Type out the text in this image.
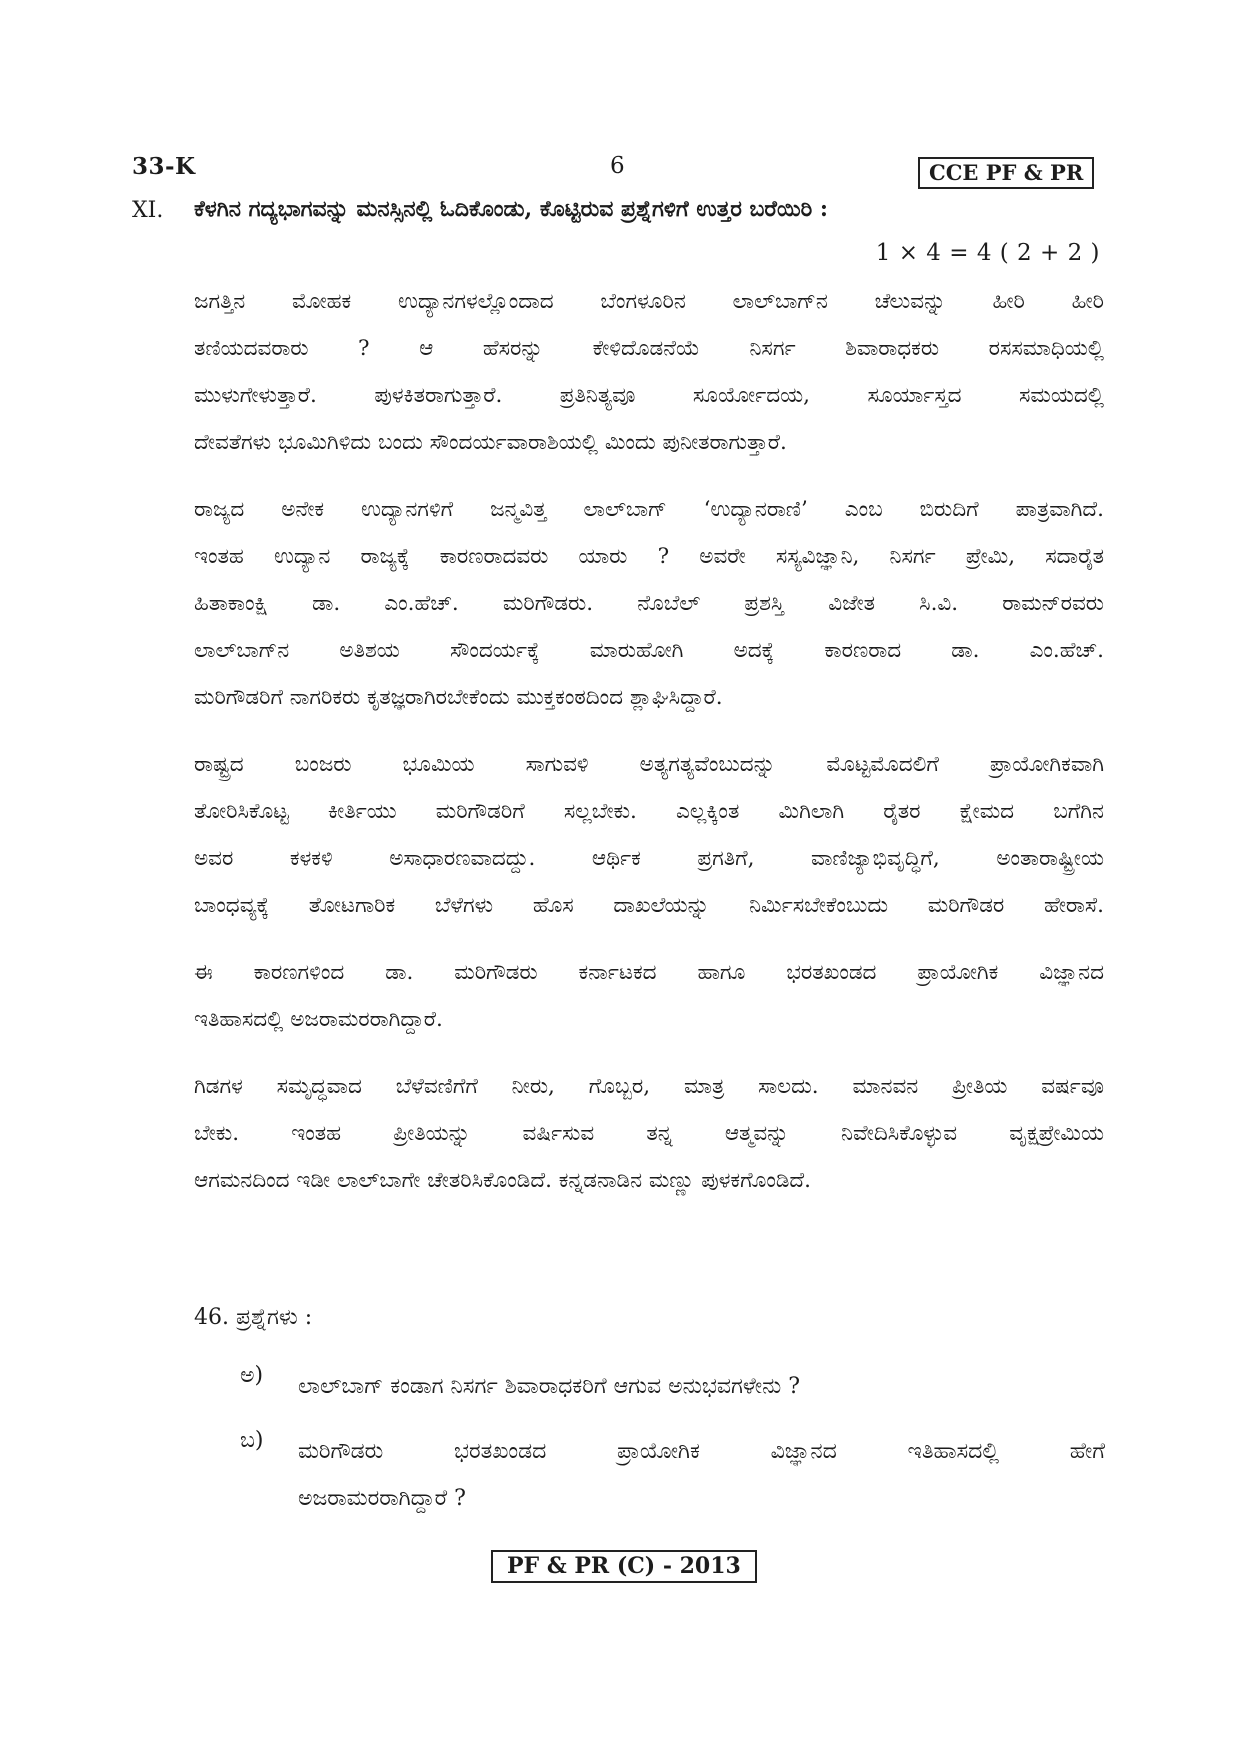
33-K	6	CCE PF & PR
XI. ಕೆಳಗಿನ ಗದ್ಯಭಾಗವನ್ನು ಮನಸ್ಸಿನಲ್ಲಿ ಓದಿಕೊಂಡು, ಕೊಟ್ಟಿರುವ ಪ್ರಶ್ನೆಗಳಿಗೆ ಉತ್ತರ ಬರೆಯಿರಿ :
1 × 4 = 4 ( 2 + 2 )
ಜಗತ್ತಿನ ಮೋಹಕ ಉದ್ಯಾನಗಳಲ್ಲೊಂದಾದ ಬೆಂಗಳೂರಿನ ಲಾಲ್‌ಬಾಗ್‌ನ ಚೆಲುವನ್ನು ಹೀರಿ ಹೀರಿ
ತಣಿಯದವರಾರು ? ಆ ಹೆಸರನ್ನು ಕೇಳಿದೊಡನೆಯೆ ನಿಸರ್ಗ ಶಿವಾರಾಧಕರು ರಸಸಮಾಧಿಯಲ್ಲಿ
ಮುಳುಗೇಳುತ್ತಾರೆ. ಪುಳಕಿತರಾಗುತ್ತಾರೆ. ಪ್ರತಿನಿತ್ಯವೂ ಸೂರ್ಯೋದಯ, ಸೂರ್ಯಾಸ್ತದ ಸಮಯದಲ್ಲಿ
ದೇವತೆಗಳು ಭೂಮಿಗಿಳಿದು ಬಂದು ಸೌಂದರ್ಯವಾರಾಶಿಯಲ್ಲಿ ಮಿಂದು ಪುನೀತರಾಗುತ್ತಾರೆ.
ರಾಜ್ಯದ ಅನೇಕ ಉದ್ಯಾನಗಳಿಗೆ ಜನ್ಮವಿತ್ತ ಲಾಲ್‌ಬಾಗ್ ‘ಉದ್ಯಾನರಾಣಿ’ ಎಂಬ ಬಿರುದಿಗೆ ಪಾತ್ರವಾಗಿದೆ.
ಇಂತಹ ಉದ್ಯಾನ ರಾಜ್ಯಕ್ಕೆ ಕಾರಣರಾದವರು ಯಾರು ? ಅವರೇ ಸಸ್ಯವಿಜ್ಞಾನಿ, ನಿಸರ್ಗ ಪ್ರೇಮಿ, ಸದಾರೈತ
ಹಿತಾಕಾಂಕ್ಷಿ ಡಾ. ಎಂ.ಹೆಚ್. ಮರಿಗೌಡರು. ನೊಬೆಲ್ ಪ್ರಶಸ್ತಿ ವಿಜೇತ ಸಿ.ವಿ. ರಾಮನ್‌ರವರು
ಲಾಲ್‌ಬಾಗ್‌ನ ಅತಿಶಯ ಸೌಂದರ್ಯಕ್ಕೆ ಮಾರುಹೋಗಿ ಅದಕ್ಕೆ ಕಾರಣರಾದ ಡಾ. ಎಂ.ಹೆಚ್.
ಮರಿಗೌಡರಿಗೆ ನಾಗರಿಕರು ಕೃತಜ್ಞರಾಗಿರಬೇಕೆಂದು ಮುಕ್ತಕಂಠದಿಂದ ಶ್ಲಾಘಿಸಿದ್ದಾರೆ.
ರಾಷ್ಟ್ರದ ಬಂಜರು ಭೂಮಿಯ ಸಾಗುವಳಿ ಅತ್ಯಗತ್ಯವೆಂಬುದನ್ನು ಮೊಟ್ಟಮೊದಲಿಗೆ ಪ್ರಾಯೋಗಿಕವಾಗಿ
ತೋರಿಸಿಕೊಟ್ಟ ಕೀರ್ತಿಯು ಮರಿಗೌಡರಿಗೆ ಸಲ್ಲಬೇಕು. ಎಲ್ಲಕ್ಕಿಂತ ಮಿಗಿಲಾಗಿ ರೈತರ ಕ್ಷೇಮದ ಬಗೆಗಿನ
ಅವರ ಕಳಕಳಿ ಅಸಾಧಾರಣವಾದದ್ದು. ಆರ್ಥಿಕ ಪ್ರಗತಿಗೆ, ವಾಣಿಜ್ಯಾಭಿವೃದ್ಧಿಗೆ, ಅಂತಾರಾಷ್ಟ್ರೀಯ
ಬಾಂಧವ್ಯಕ್ಕೆ ತೋಟಗಾರಿಕ ಬೆಳೆಗಳು ಹೊಸ ದಾಖಲೆಯನ್ನು ನಿರ್ಮಿಸಬೇಕೆಂಬುದು ಮರಿಗೌಡರ ಹೇರಾಸೆ.
ಈ ಕಾರಣಗಳಿಂದ ಡಾ. ಮರಿಗೌಡರು ಕರ್ನಾಟಕದ ಹಾಗೂ ಭರತಖಂಡದ ಪ್ರಾಯೋಗಿಕ ವಿಜ್ಞಾನದ
ಇತಿಹಾಸದಲ್ಲಿ ಅಜರಾಮರರಾಗಿದ್ದಾರೆ.
ಗಿಡಗಳ ಸಮೃದ್ಧವಾದ ಬೆಳೆವಣಿಗೆಗೆ ನೀರು, ಗೊಬ್ಬರ, ಮಾತ್ರ ಸಾಲದು. ಮಾನವನ ಪ್ರೀತಿಯ ವರ್ಷವೂ
ಬೇಕು. ಇಂತಹ ಪ್ರೀತಿಯನ್ನು ವರ್ಷಿಸುವ ತನ್ನ ಆತ್ಮವನ್ನು ನಿವೇದಿಸಿಕೊಳ್ಳುವ ವೃಕ್ಷಪ್ರೇಮಿಯ
ಆಗಮನದಿಂದ ಇಡೀ ಲಾಲ್‌ಬಾಗೇ ಚೇತರಿಸಿಕೊಂಡಿದೆ. ಕನ್ನಡನಾಡಿನ ಮಣ್ಣು ಪುಳಕಗೊಂಡಿದೆ.
46. ಪ್ರಶ್ನೆಗಳು :
ಅ) ಲಾಲ್‌ಬಾಗ್ ಕಂಡಾಗ ನಿಸರ್ಗ ಶಿವಾರಾಧಕರಿಗೆ ಆಗುವ ಅನುಭವಗಳೇನು ?
ಬ) ಮರಿಗೌಡರು ಭರತಖಂಡದ ಪ್ರಾಯೋಗಿಕ ವಿಜ್ಞಾನದ ಇತಿಹಾಸದಲ್ಲಿ ಹೇಗೆ
ಅಜರಾಮರರಾಗಿದ್ದಾರೆ ?
PF & PR (C) - 2013
